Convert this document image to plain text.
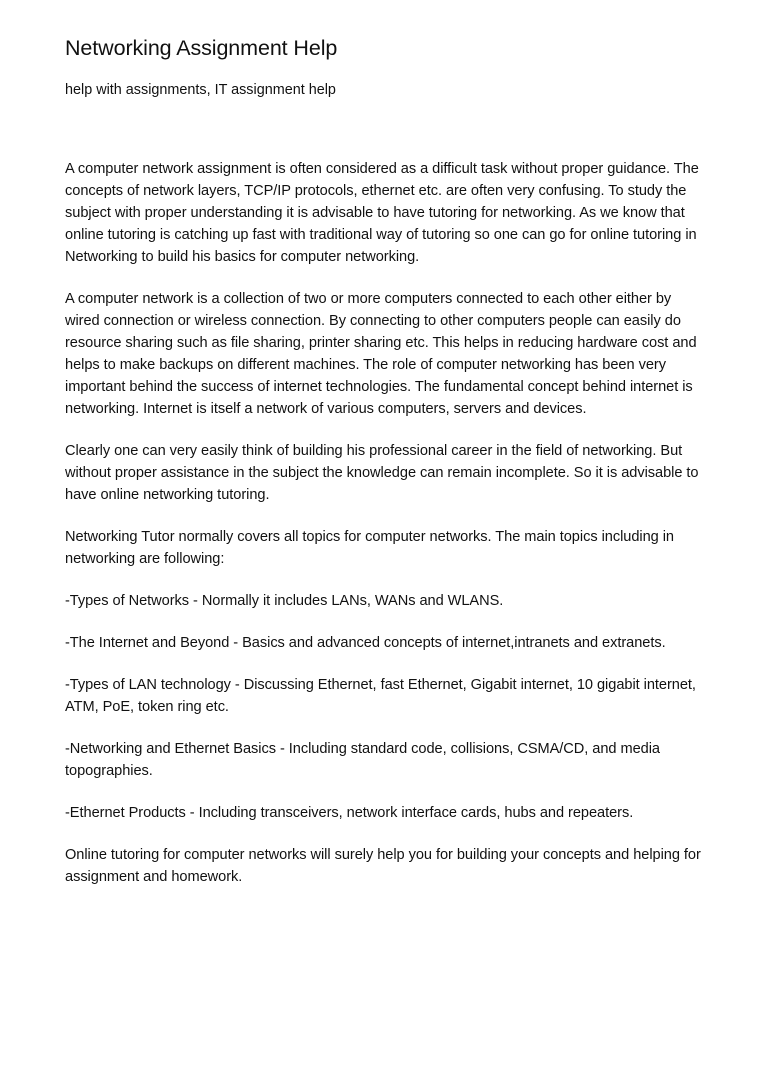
Networking Assignment Help
help with assignments, IT assignment help

A computer network assignment is often considered as a difficult task without proper guidance. The concepts of network layers, TCP/IP protocols, ethernet etc. are often very confusing. To study the subject with proper understanding it is advisable to have tutoring for networking. As we know that online tutoring is catching up fast with traditional way of tutoring so one can go for online tutoring in Networking to build his basics for computer networking.

A computer network is a collection of two or more computers connected to each other either by wired connection or wireless connection. By connecting to other computers people can easily do resource sharing such as file sharing, printer sharing etc. This helps in reducing hardware cost and helps to make backups on different machines. The role of computer networking has been very important behind the success of internet technologies. The fundamental concept behind internet is networking. Internet is itself a network of various computers, servers and devices.

Clearly one can very easily think of building his professional career in the field of networking. But without proper assistance in the subject the knowledge can remain incomplete. So it is advisable to have online networking tutoring.

Networking Tutor normally covers all topics for computer networks. The main topics including in networking are following:

-Types of Networks - Normally it includes LANs, WANs and WLANS.

-The Internet and Beyond - Basics and advanced concepts of internet,intranets and extranets.

-Types of LAN technology - Discussing Ethernet, fast Ethernet, Gigabit internet, 10 gigabit internet, ATM, PoE, token ring etc.

-Networking and Ethernet Basics - Including standard code, collisions, CSMA/CD, and media topographies.

-Ethernet Products - Including transceivers, network interface cards, hubs and repeaters.

Online tutoring for computer networks will surely help you for building your concepts and helping for assignment and homework.
